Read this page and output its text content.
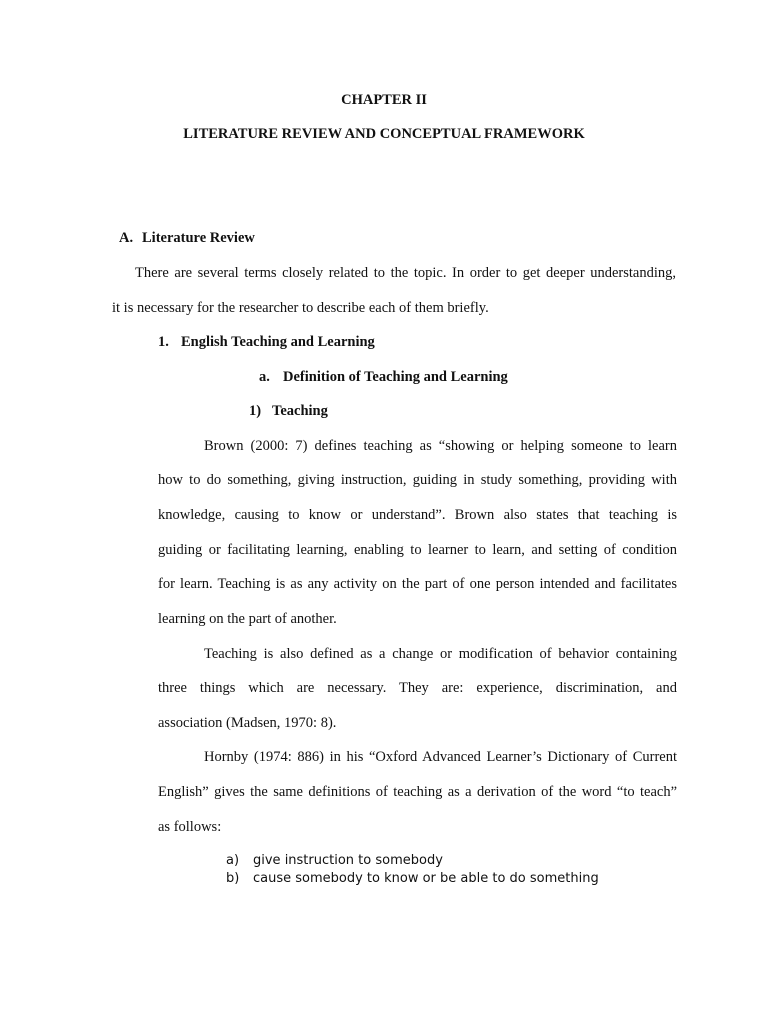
CHAPTER II

LITERATURE REVIEW AND CONCEPTUAL FRAMEWORK

A. Literature Review

There are several terms closely related to the topic. In order to get deeper understanding,

it is necessary for the researcher to describe each of them briefly.

1. English Teaching and Learning

a. Definition of Teaching and Learning

1) Teaching

Brown (2000: 7) defines teaching as “showing or helping someone to learn

how to do something, giving instruction, guiding in study something, providing with

knowledge, causing to know or understand”. Brown also states that teaching is

guiding or facilitating learning, enabling to learner to learn, and setting of condition

for learn. Teaching is as any activity on the part of one person intended and facilitates

learning on the part of another.

Teaching is also defined as a change or modification of behavior containing

three things which are necessary. They are: experience, discrimination, and

association (Madsen, 1970: 8).

Hornby (1974: 886) in his “Oxford Advanced Learner’s Dictionary of Current

English” gives the same definitions of teaching as a derivation of the word “to teach”

as follows:

a) give instruction to somebody

b) cause somebody to know or be able to do something
